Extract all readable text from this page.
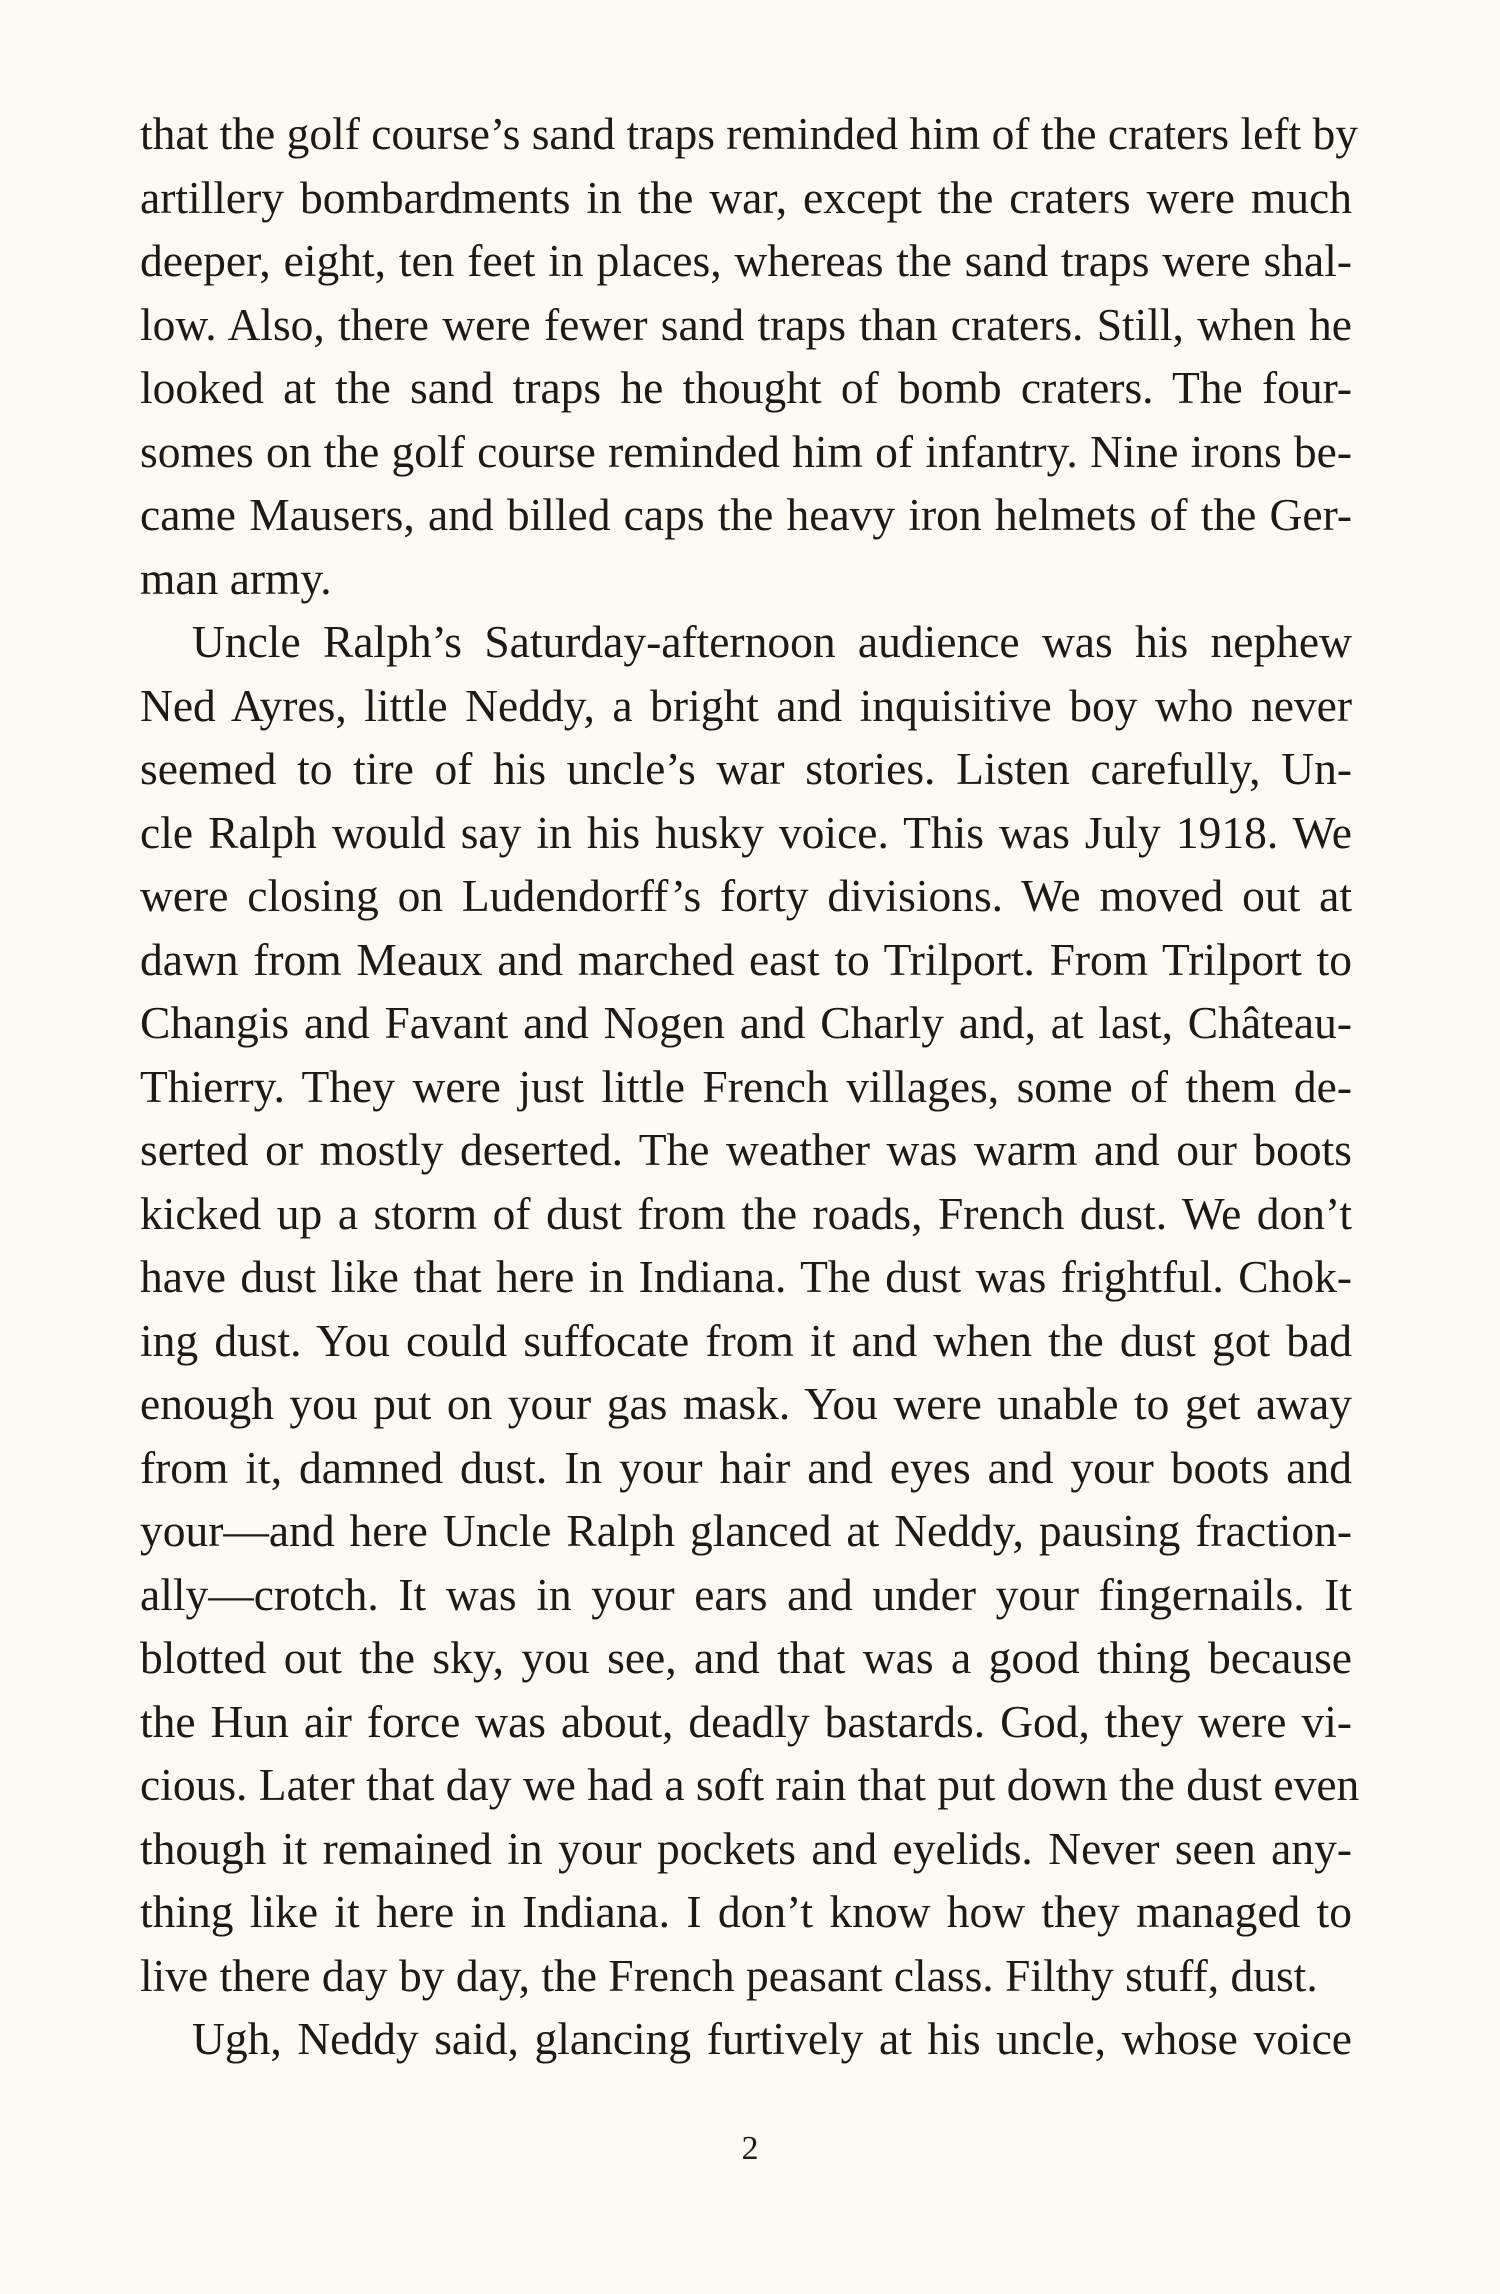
that the golf course’s sand traps reminded him of the craters left by
artillery bombardments in the war, except the craters were much
deeper, eight, ten feet in places, whereas the sand traps were shal-
low. Also, there were fewer sand traps than craters. Still, when he
looked at the sand traps he thought of bomb craters. The four-
somes on the golf course reminded him of infantry. Nine irons be-
came Mausers, and billed caps the heavy iron helmets of the Ger-
man army.
Uncle Ralph’s Saturday-afternoon audience was his nephew
Ned Ayres, little Neddy, a bright and inquisitive boy who never
seemed to tire of his uncle’s war stories. Listen carefully, Un-
cle Ralph would say in his husky voice. This was July 1918. We
were closing on Ludendorff’s forty divisions. We moved out at
dawn from Meaux and marched east to Trilport. From Trilport to
Changis and Favant and Nogen and Charly and, at last, Château-
Thierry. They were just little French villages, some of them de-
serted or mostly deserted. The weather was warm and our boots
kicked up a storm of dust from the roads, French dust. We don’t
have dust like that here in Indiana. The dust was frightful. Chok-
ing dust. You could suffocate from it and when the dust got bad
enough you put on your gas mask. You were unable to get away
from it, damned dust. In your hair and eyes and your boots and
your—and here Uncle Ralph glanced at Neddy, pausing fraction-
ally—crotch. It was in your ears and under your fingernails. It
blotted out the sky, you see, and that was a good thing because
the Hun air force was about, deadly bastards. God, they were vi-
cious. Later that day we had a soft rain that put down the dust even
though it remained in your pockets and eyelids. Never seen any-
thing like it here in Indiana. I don’t know how they managed to
live there day by day, the French peasant class. Filthy stuff, dust.
Ugh, Neddy said, glancing furtively at his uncle, whose voice
2
